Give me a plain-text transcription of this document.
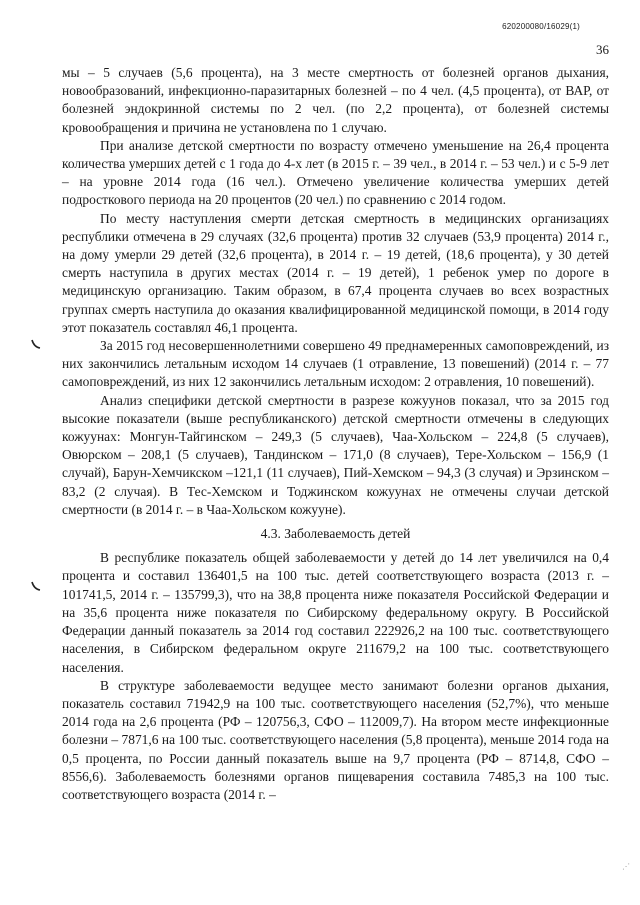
620200080/16029(1)
36

мы – 5 случаев (5,6 процента), на 3 месте смертность от болезней органов дыхания, новообразований, инфекционно-паразитарных болезней – по 4 чел. (4,5 процента), от ВАР, от болезней эндокринной системы по 2 чел. (по 2,2 процента), от болезней системы кровообращения и причина не установлена по 1 случаю.

При анализе детской смертности по возрасту отмечено уменьшение на 26,4 процента количества умерших детей с 1 года до 4-х лет (в 2015 г. – 39 чел., в 2014 г. – 53 чел.) и с 5-9 лет – на уровне 2014 года (16 чел.). Отмечено увеличение количества умерших детей подросткового периода на 20 процентов (20 чел.) по сравнению с 2014 годом.

По месту наступления смерти детская смертность в медицинских организациях республики отмечена в 29 случаях (32,6 процента) против 32 случаев (53,9 процента) 2014 г., на дому умерли 29 детей (32,6 процента), в 2014 г. – 19 детей, (18,6 процента), у 30 детей смерть наступила в других местах (2014 г. – 19 детей), 1 ребенок умер по дороге в медицинскую организацию. Таким образом, в 67,4 процента случаев во всех возрастных группах смерть наступила до оказания квалифицированной медицинской помощи, в 2014 году этот показатель составлял 46,1 процента.

За 2015 год несовершеннолетними совершено 49 преднамеренных самоповреждений, из них закончились летальным исходом 14 случаев (1 отравление, 13 повешений) (2014 г. – 77 самоповреждений, из них 12 закончились летальным исходом: 2 отравления, 10 повешений).

Анализ специфики детской смертности в разрезе кожуунов показал, что за 2015 год высокие показатели (выше республиканского) детской смертности отмечены в следующих кожуунах: Монгун-Тайгинском – 249,3 (5 случаев), Чаа-Хольском – 224,8 (5 случаев), Овюрском – 208,1 (5 случаев), Тандинском – 171,0 (8 случаев), Тере-Хольском – 156,9 (1 случай), Барун-Хемчикском –121,1 (11 случаев), Пий-Хемском – 94,3 (3 случая) и Эрзинском – 83,2 (2 случая). В Тес-Хемском и Тоджинском кожуунах не отмечены случаи детской смертности (в 2014 г. – в Чаа-Хольском кожууне).

4.3. Заболеваемость детей

В республике показатель общей заболеваемости у детей до 14 лет увеличился на 0,4 процента и составил 136401,5 на 100 тыс. детей соответствующего возраста (2013 г. – 101741,5, 2014 г. – 135799,3), что на 38,8 процента ниже показателя Российской Федерации и на 35,6 процента ниже показателя по Сибирскому федеральному округу. В Российской Федерации данный показатель за 2014 год составил 222926,2 на 100 тыс. соответствующего населения, в Сибирском федеральном округе 211679,2 на 100 тыс. соответствующего населения.

В структуре заболеваемости ведущее место занимают болезни органов дыхания, показатель составил 71942,9 на 100 тыс. соответствующего населения (52,7%), что меньше 2014 года на 2,6 процента (РФ – 120756,3, СФО – 112009,7). На втором месте инфекционные болезни – 7871,6 на 100 тыс. соответствующего населения (5,8 процента), меньше 2014 года на 0,5 процента, по России данный показатель выше на 9,7 процента (РФ – 8714,8, СФО – 8556,6). Заболеваемость болезнями органов пищеварения составила 7485,3 на 100 тыс. соответствующего возраста (2014 г. –

⋰
